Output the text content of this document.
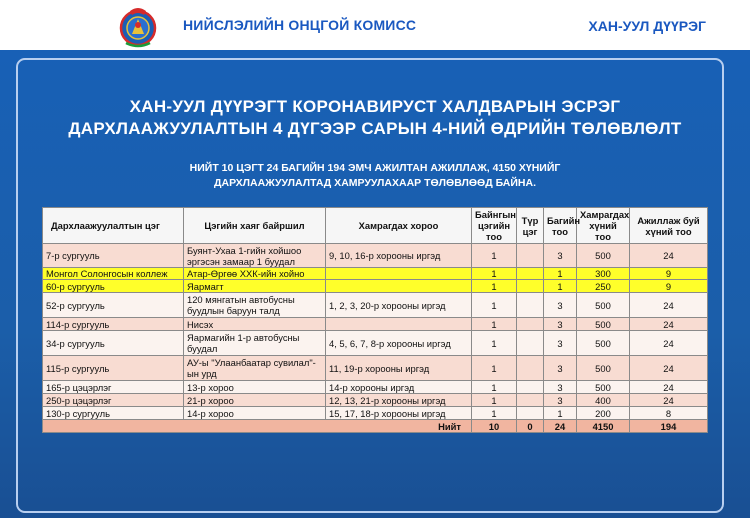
НИЙСЛЭЛИЙН ОНЦГОЙ КОМИСС	ХАН-УУЛ ДҮҮРЭГ
ХАН-УУЛ ДҮҮРЭГТ КОРОНАВИРУСТ ХАЛДВАРЫН ЭСРЭГ
ДАРХЛААЖУУЛАЛТЫН 4 ДҮГЭЭР САРЫН 4-НИЙ ӨДРИЙН ТӨЛӨВЛӨЛТ
НИЙТ 10 ЦЭГТ 24 БАГИЙН 194 ЭМЧ АЖИЛТАН АЖИЛЛАЖ, 4150 ХҮНИЙГ
ДАРХЛААЖУУЛАЛТАД ХАМРУУЛАХААР ТӨЛӨВЛӨӨД БАЙНА.
Дархлаажуулалтын цэг	Цэгийн хаяг байршил	Хамрагдах хороо	Байнгын цэгийн тоо	Түр цэг	Багийн тоо	Хамрагдах хүний тоо	Ажиллаж буй хүний тоо
7-р сургууль	Буянт-Ухаа 1-гийн хойшоо эргэсэн замаар 1 буудал	9, 10, 16-р хорооны иргэд	1		3	500	24
Монгол Солонгосын коллеж	Атар-Өргөө ХХК-ийн хойно		1		1	300	9
60-р сургууль	Яармагт		1		1	250	9
52-р сургууль	120 мянгатын автобусны буудлын баруун талд	1, 2, 3, 20-р хорооны иргэд	1		3	500	24
114-р сургууль	Нисэх		1		3	500	24
34-р сургууль	Яармагийн 1-р автобусны буудал	4, 5, 6, 7, 8-р хорооны иргэд	1		3	500	24
115-р сургууль	АУ-ы "Улаанбаатар сувилал"-ын урд	11, 19-р хорооны иргэд	1		3	500	24
165-р цэцэрлэг	13-р хороо	14-р хорооны иргэд	1		3	500	24
250-р цэцэрлэг	21-р хороо	12, 13, 21-р хорооны иргэд	1		3	400	24
130-р сургууль	14-р хороо	15, 17, 18-р хорооны иргэд	1		1	200	8
Нийт			10	0	24	4150	194
